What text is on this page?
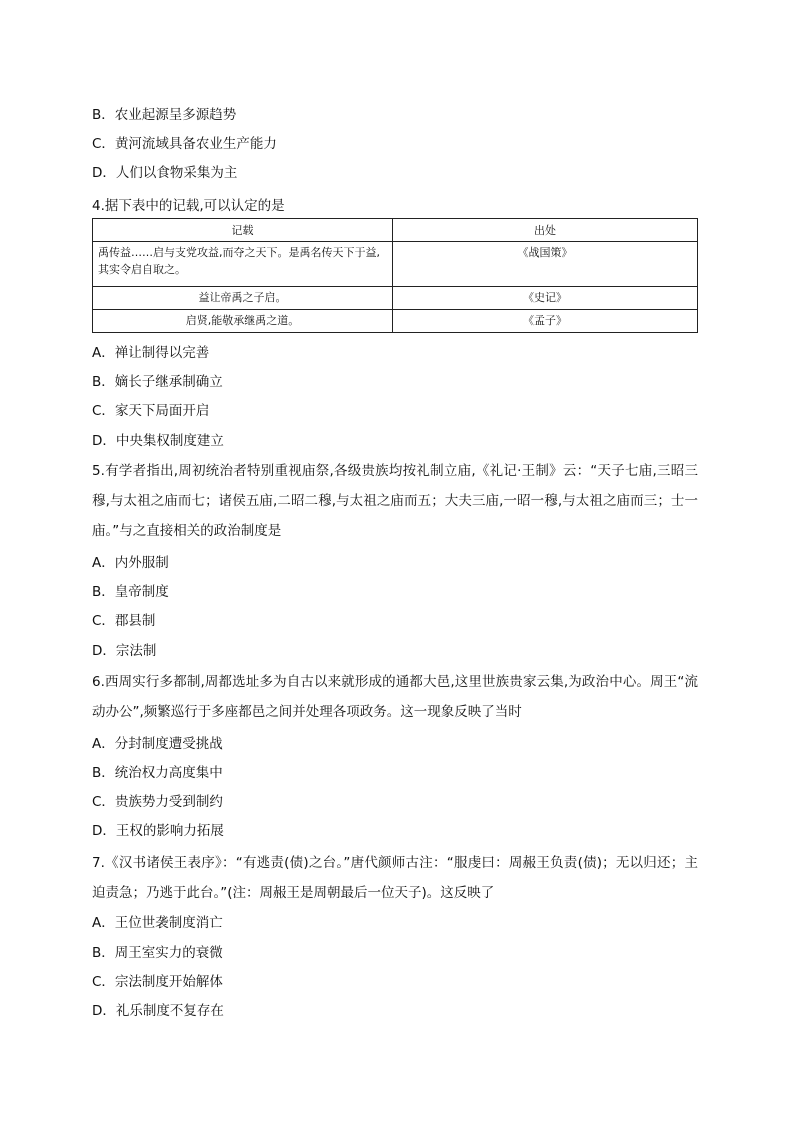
B．农业起源呈多源趋势
C．黄河流域具备农业生产能力
D．人们以食物采集为主
4.据下表中的记载,可以认定的是
记载	出处
禹传益……启与支党攻益,而夺之天下。是禹名传天下于益,其实令启自取之。	《战国策》
益让帝禹之子启。	《史记》
启贤,能敬承继禹之道。	《孟子》
A．禅让制得以完善
B．嫡长子继承制确立
C．家天下局面开启
D．中央集权制度建立
5.有学者指出,周初统治者特别重视庙祭,各级贵族均按礼制立庙,《礼记·王制》云：“天子七庙,三昭三穆,与太祖之庙而七；诸侯五庙,二昭二穆,与太祖之庙而五；大夫三庙,一昭一穆,与太祖之庙而三；士一庙。”与之直接相关的政治制度是
A．内外服制
B．皇帝制度
C．郡县制
D．宗法制
6.西周实行多都制,周都选址多为自古以来就形成的通都大邑,这里世族贵家云集,为政治中心。周王“流动办公”,频繁巡行于多座都邑之间并处理各项政务。这一现象反映了当时
A．分封制度遭受挑战
B．统治权力高度集中
C．贵族势力受到制约
D．王权的影响力拓展
7.《汉书诸侯王表序》：“有逃责(债)之台。”唐代颜师古注：“服虔曰：周赧王负责(债)；无以归还；主迫责急；乃逃于此台。”(注：周赧王是周朝最后一位天子)。这反映了
A．王位世袭制度消亡
B．周王室实力的衰微
C．宗法制度开始解体
D．礼乐制度不复存在
